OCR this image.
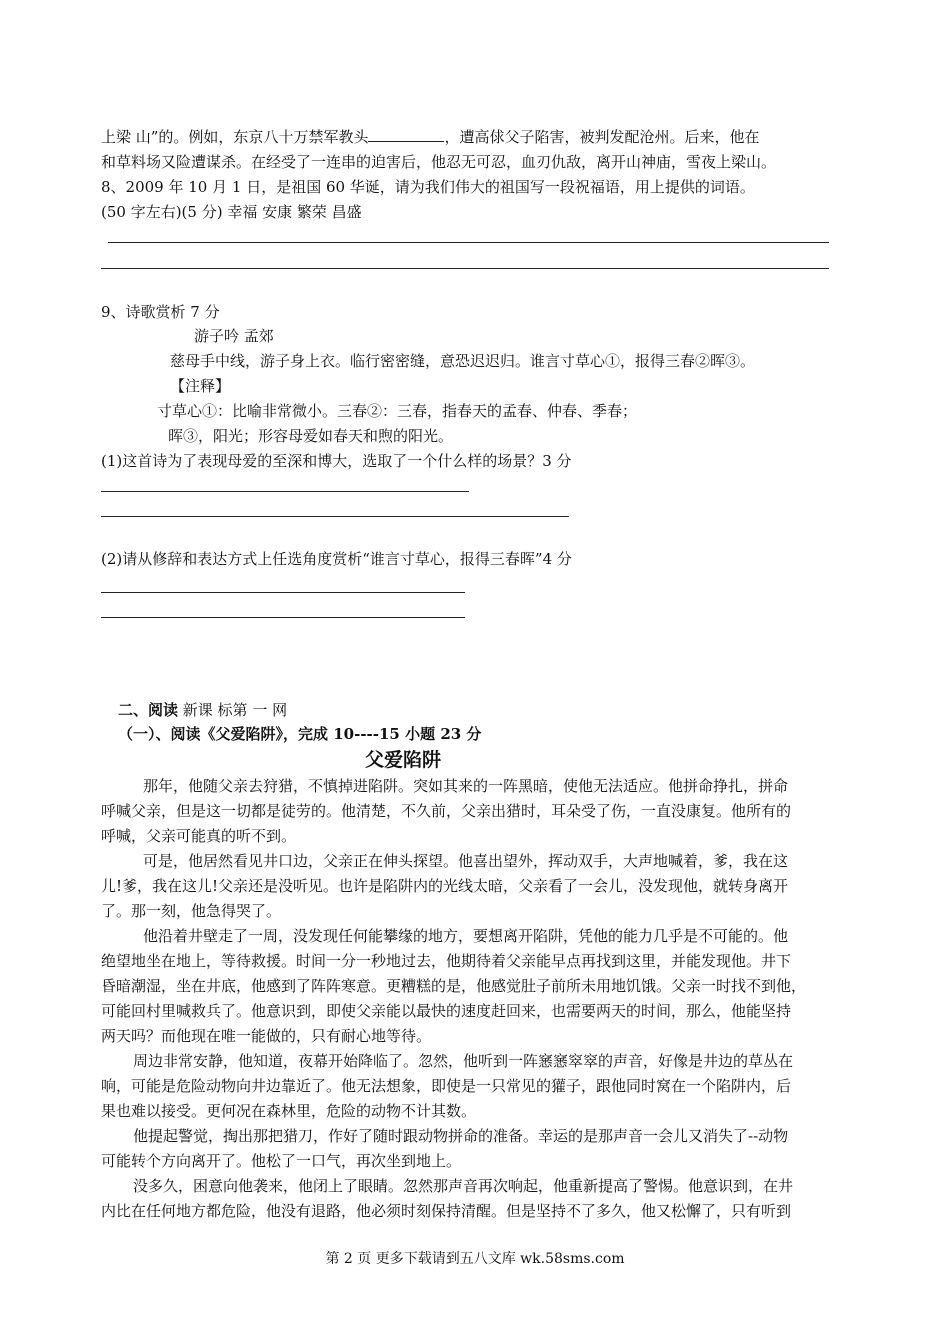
上梁 山”的。例如，东京八十万禁军教头	，遭高俅父子陷害，被判发配沧州。后来，他在
和草料场又险遭谋杀。在经受了一连串的迫害后，他忍无可忍，血刃仇敌，离开山神庙，雪夜上梁山。
8、2009 年 10 月 1 日，是祖国 60 华诞，请为我们伟大的祖国写一段祝福语，用上提供的词语。
(50 字左右)(5 分) 幸福 安康 繁荣 昌盛
9、诗歌赏析 7 分
游子吟 孟郊
慈母手中线，游子身上衣。临行密密缝，意恐迟迟归。谁言寸草心①，报得三春②晖③。
【注释】
寸草心①：比喻非常微小。三春②：三春，指春天的孟春、仲春、季春；
晖③，阳光；形容母爱如春天和煦的阳光。
(1)这首诗为了表现母爱的至深和博大，选取了一个什么样的场景？3 分
(2)请从修辞和表达方式上任选角度赏析“谁言寸草心，报得三春晖”4 分
二、阅读 新课 标第 一 网
（一）、阅读《父爱陷阱》，完成 10----15 小题 23 分
父爱陷阱
那年，他随父亲去狩猎，不慎掉进陷阱。突如其来的一阵黑暗，使他无法适应。他拼命挣扎，拼命
呼喊父亲，但是这一切都是徒劳的。他清楚，不久前，父亲出猎时，耳朵受了伤，一直没康复。他所有的
呼喊，父亲可能真的听不到。
可是，他居然看见井口边，父亲正在伸头探望。他喜出望外，挥动双手，大声地喊着，爹，我在这
儿!爹，我在这儿!父亲还是没听见。也许是陷阱内的光线太暗，父亲看了一会儿，没发现他，就转身离开
了。那一刻，他急得哭了。
他沿着井壁走了一周，没发现任何能攀缘的地方，要想离开陷阱，凭他的能力几乎是不可能的。他
绝望地坐在地上，等待救援。时间一分一秒地过去，他期待着父亲能早点再找到这里，并能发现他。井下
昏暗潮湿，坐在井底，他感到了阵阵寒意。更糟糕的是，他感觉肚子前所未用地饥饿。父亲一时找不到他，
可能回村里喊救兵了。他意识到，即使父亲能以最快的速度赶回来，也需要两天的时间，那么，他能坚持
两天吗？而他现在唯一能做的，只有耐心地等待。
周边非常安静，他知道，夜幕开始降临了。忽然，他听到一阵窸窸窣窣的声音，好像是井边的草丛在
响，可能是危险动物向井边靠近了。他无法想象，即使是一只常见的獾子，跟他同时窝在一个陷阱内，后
果也难以接受。更何况在森林里，危险的动物不计其数。
他提起警觉，掏出那把猎刀，作好了随时跟动物拼命的准备。幸运的是那声音一会儿又消失了--动物
可能转个方向离开了。他松了一口气，再次坐到地上。
没多久，困意向他袭来，他闭上了眼睛。忽然那声音再次响起，他重新提高了警惕。他意识到，在井
内比在任何地方都危险，他没有退路，他必须时刻保持清醒。但是坚持不了多久，他又松懈了，只有听到
第 2 页 更多下载请到五八文库 wk.58sms.com
